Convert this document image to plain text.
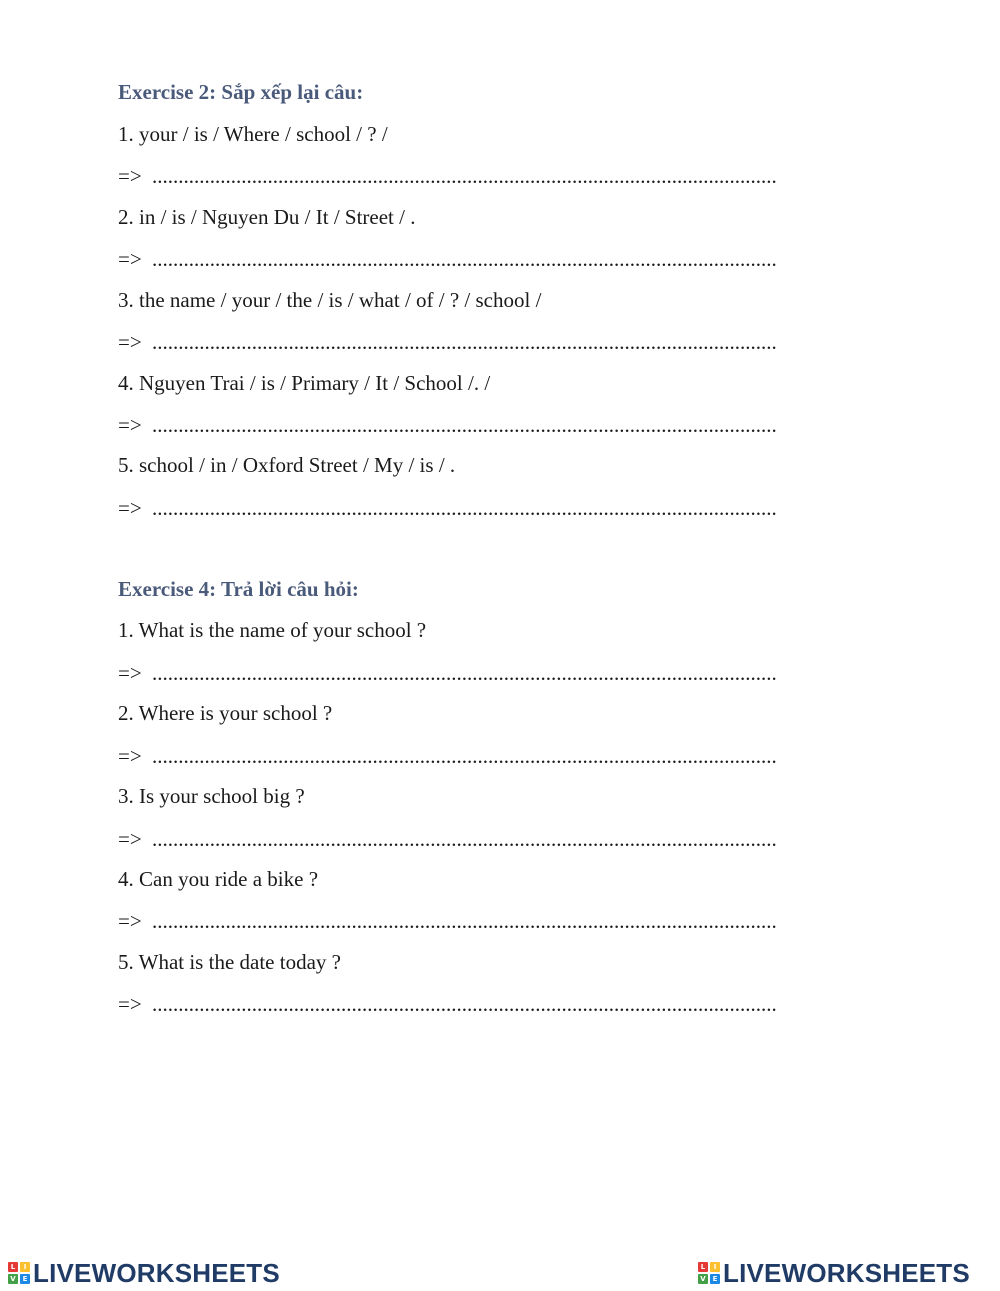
Exercise 2: Sắp xếp lại câu:
1. your / is / Where / school / ? /
=> .......................................................................................................................
2. in / is / Nguyen Du / It / Street / .
=> .......................................................................................................................
3. the name / your / the / is / what / of / ? / school /
=> .......................................................................................................................
4. Nguyen Trai / is / Primary / It / School /. /
=> .......................................................................................................................
5. school / in / Oxford Street / My / is / .
=> .......................................................................................................................
Exercise 4: Trả lời câu hỏi:
1. What is the name of your school ?
=> .......................................................................................................................
2. Where is your school ?
=> .......................................................................................................................
3. Is your school big ?
=> .......................................................................................................................
4. Can you ride a bike ?
=> .......................................................................................................................
5. What is the date today ?
=> .......................................................................................................................
L	I
V E LIVEWORKSHEETS	L	I
V E LIVEWORKSHEETS
